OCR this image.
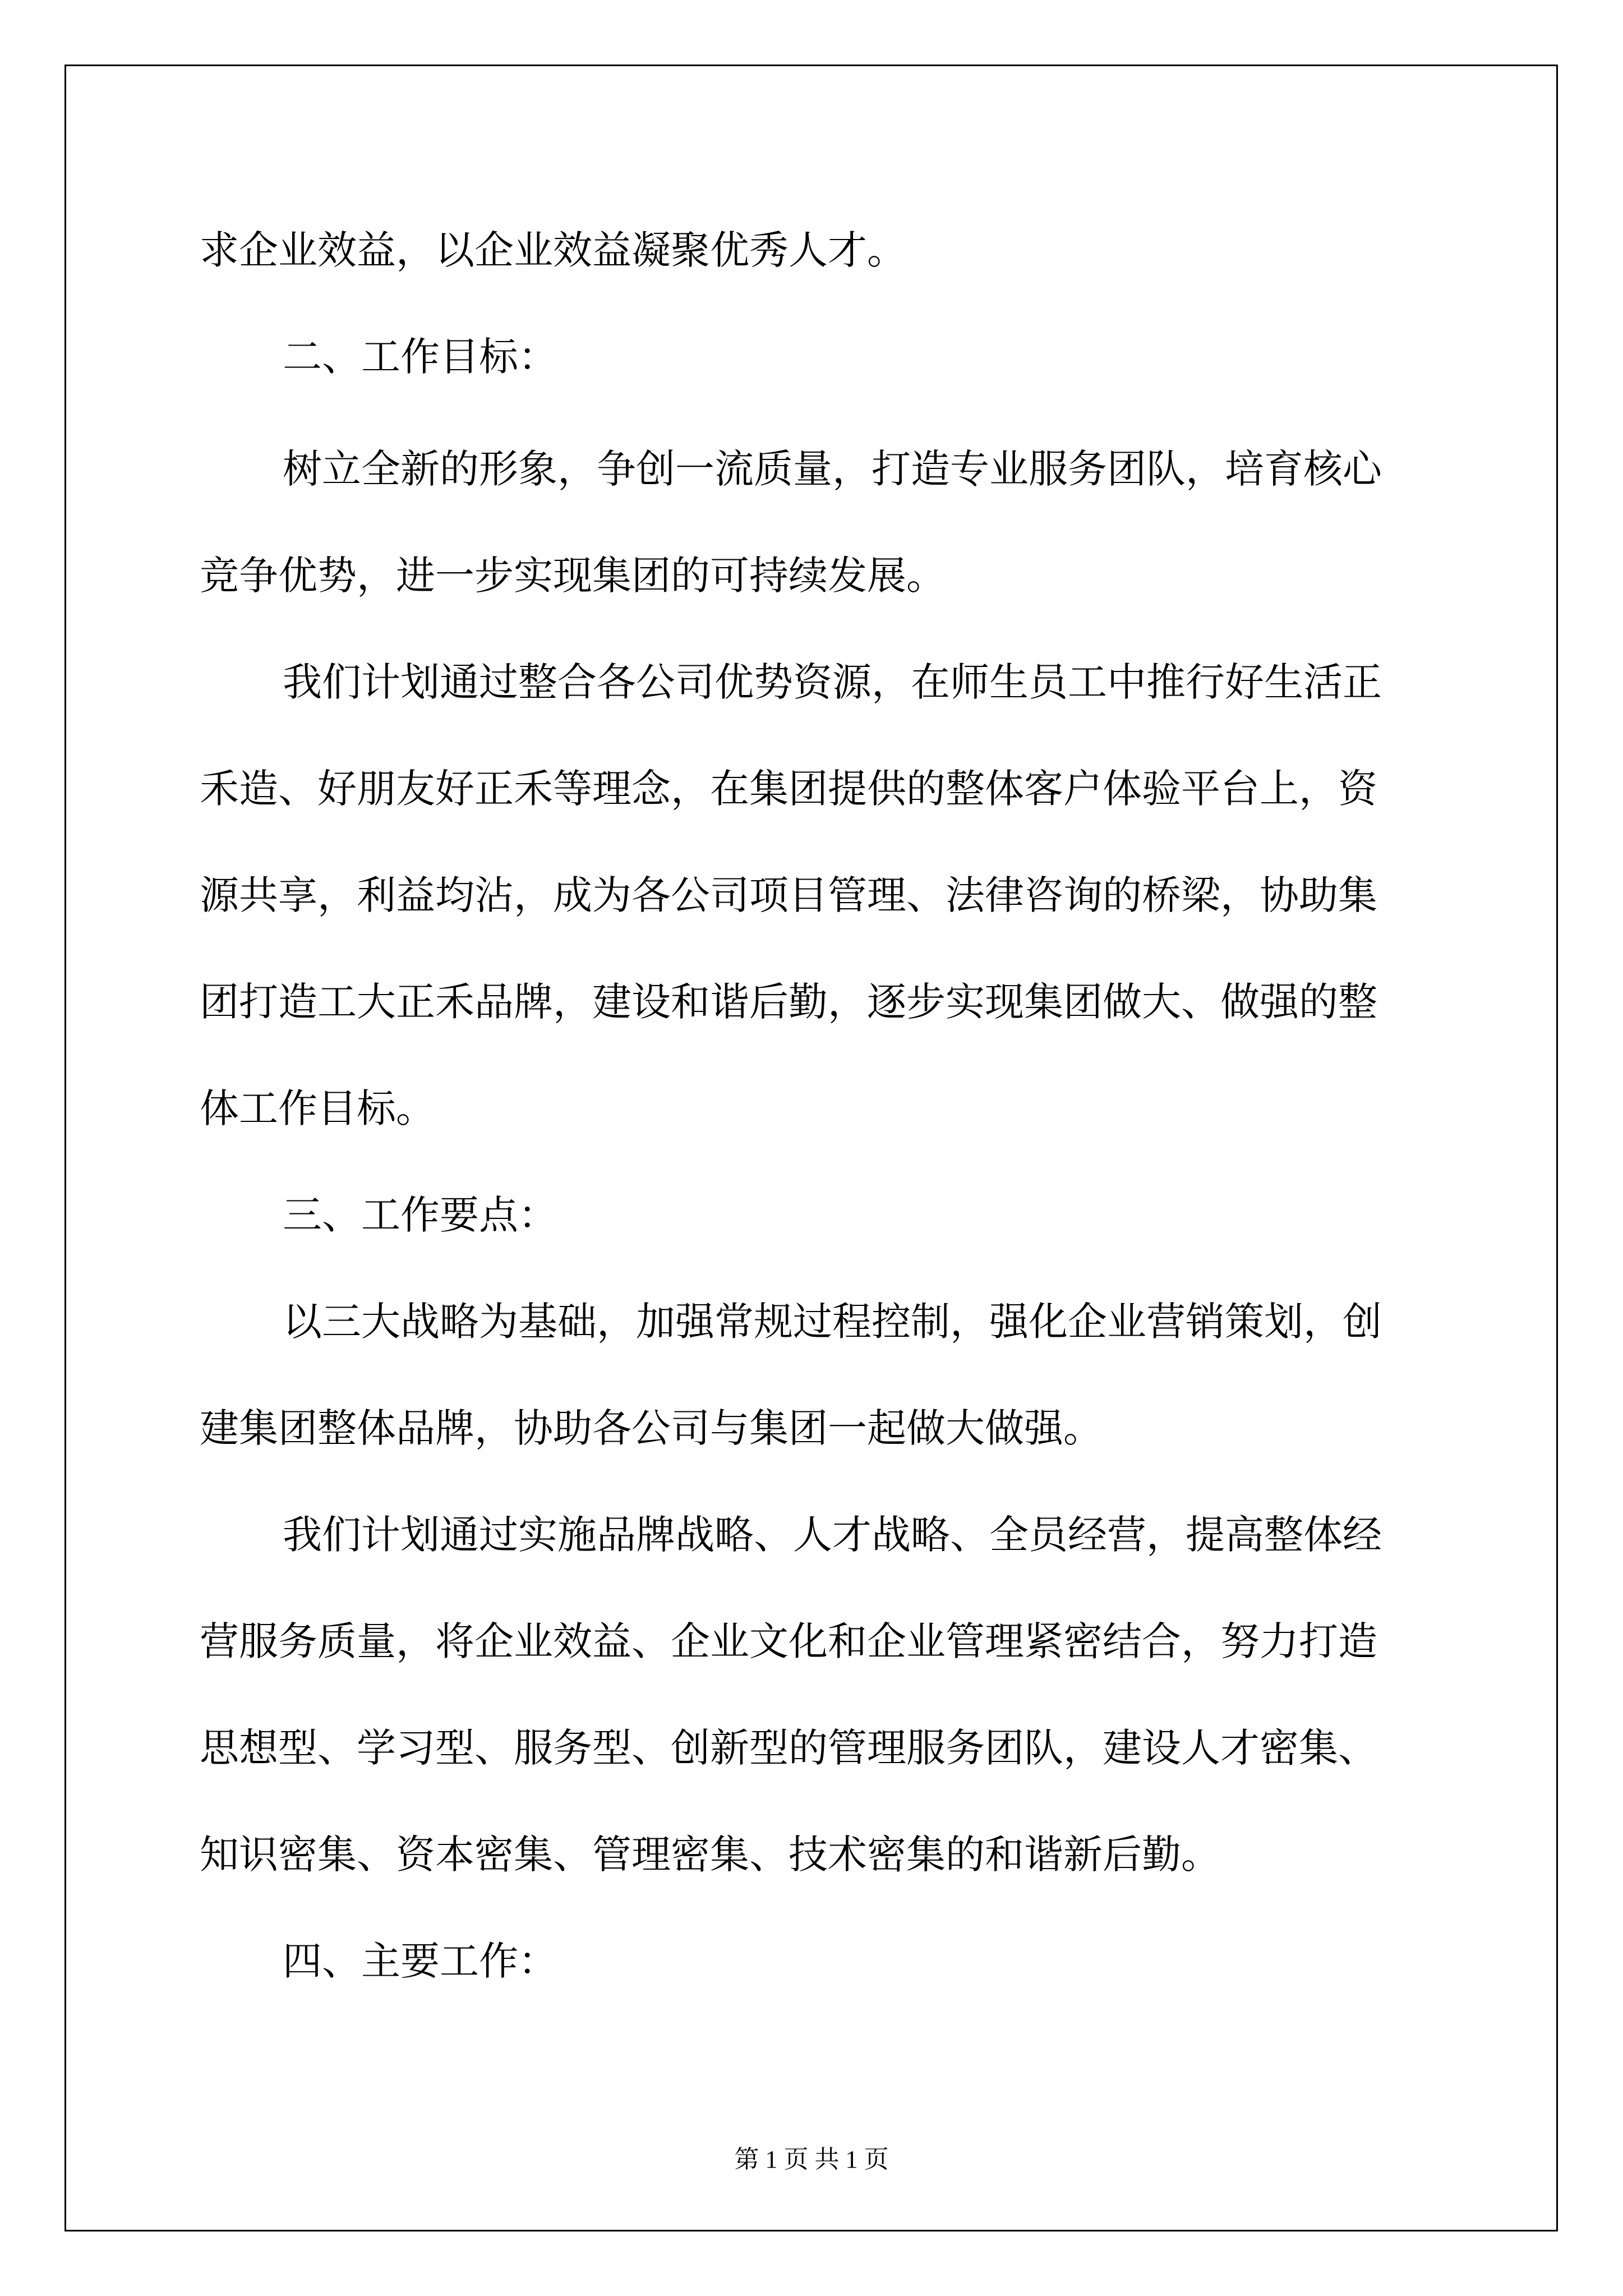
求企业效益，以企业效益凝聚优秀人才。
二、工作目标：
树立全新的形象，争创一流质量，打造专业服务团队，培育核心
竞争优势，进一步实现集团的可持续发展。
我们计划通过整合各公司优势资源，在师生员工中推行好生活正
禾造、好朋友好正禾等理念，在集团提供的整体客户体验平台上，资
源共享，利益均沾，成为各公司项目管理、法律咨询的桥梁，协助集
团打造工大正禾品牌，建设和谐后勤，逐步实现集团做大、做强的整
体工作目标。
三、工作要点：
以三大战略为基础，加强常规过程控制，强化企业营销策划，创
建集团整体品牌，协助各公司与集团一起做大做强。
我们计划通过实施品牌战略、人才战略、全员经营，提高整体经
营服务质量，将企业效益、企业文化和企业管理紧密结合，努力打造
思想型、学习型、服务型、创新型的管理服务团队，建设人才密集、
知识密集、资本密集、管理密集、技术密集的和谐新后勤。
四、主要工作：
第 1 页 共 1 页
